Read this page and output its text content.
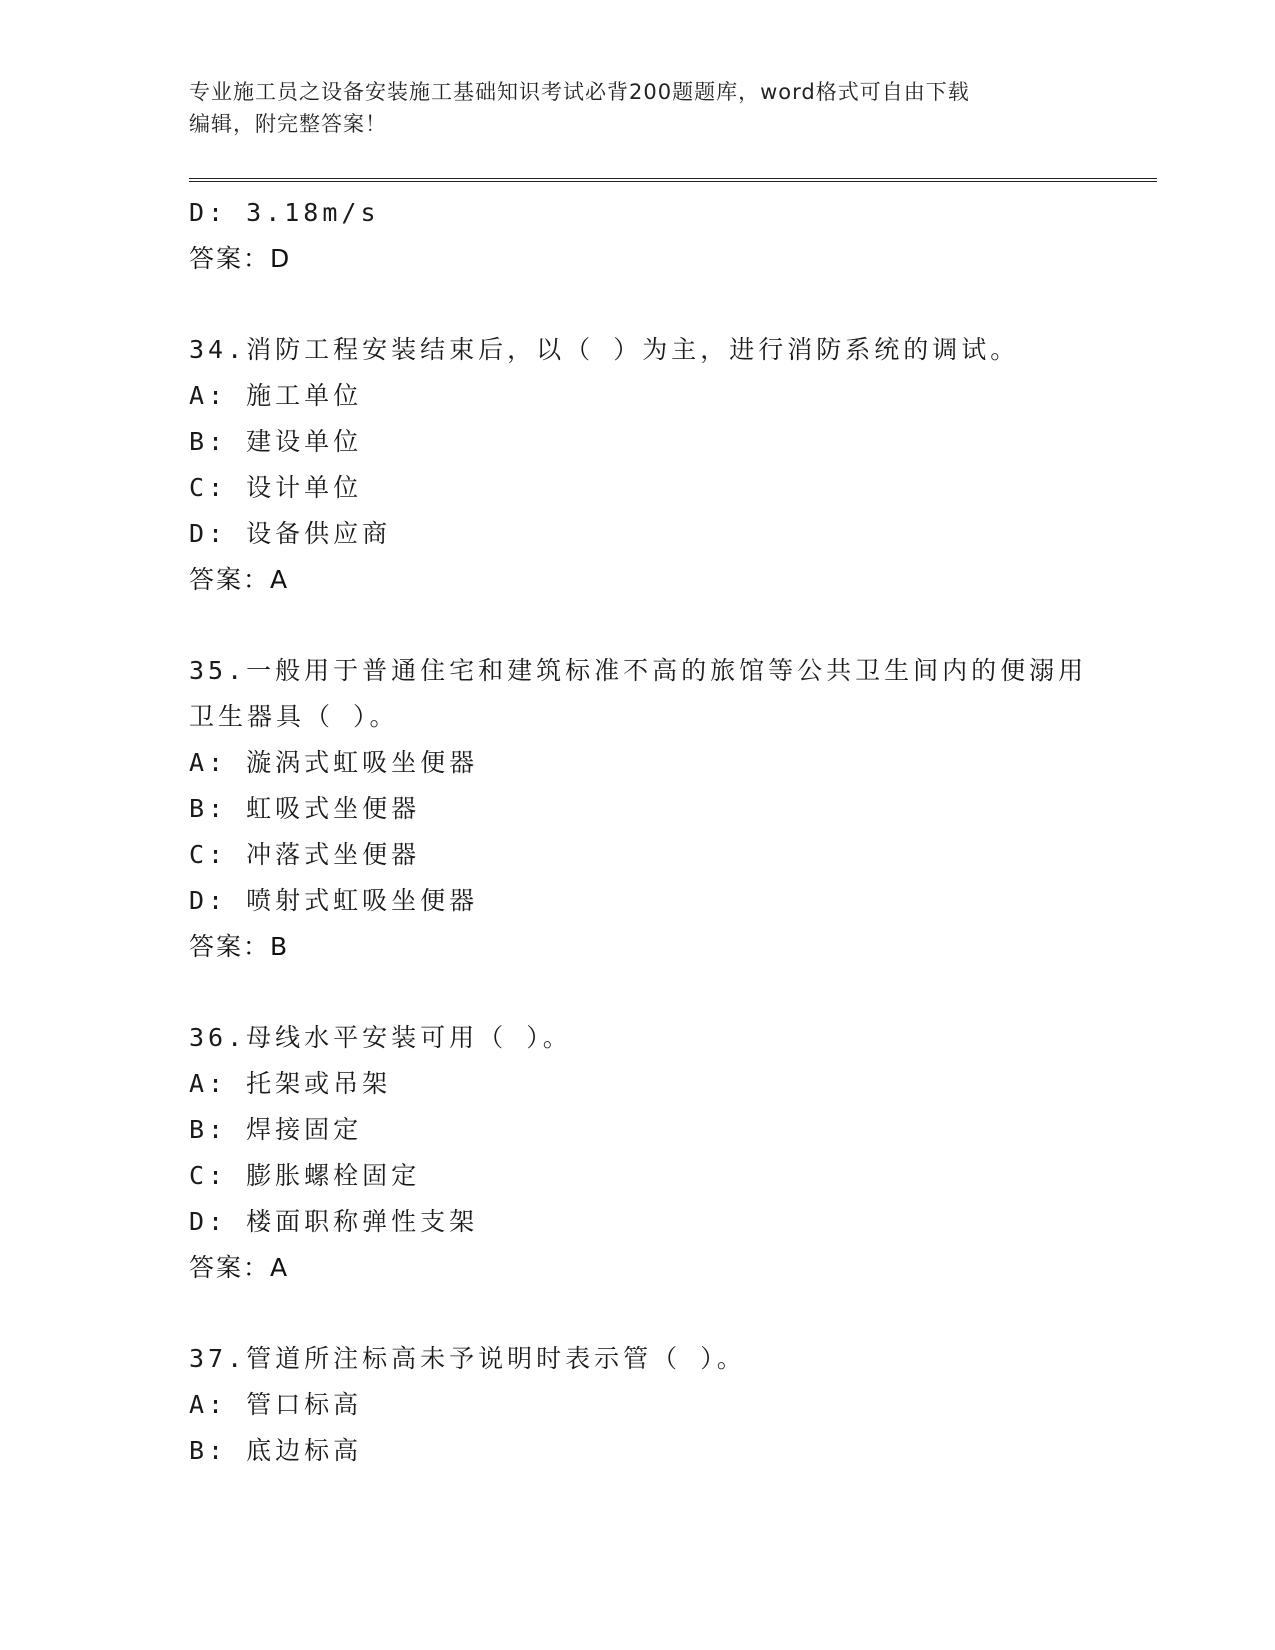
专业施工员之设备安装施工基础知识考试必背200题题库，word格式可自由下载
编辑，附完整答案！
D: 3.18m/s
答案：D
34.消防工程安装结束后，以（ ）为主，进行消防系统的调试。
A: 施工单位
B: 建设单位
C: 设计单位
D: 设备供应商
答案：A
35.一般用于普通住宅和建筑标准不高的旅馆等公共卫生间内的便溺用
卫生器具（ ）。
A: 漩涡式虹吸坐便器
B: 虹吸式坐便器
C: 冲落式坐便器
D: 喷射式虹吸坐便器
答案：B
36.母线水平安装可用（ ）。
A: 托架或吊架
B: 焊接固定
C: 膨胀螺栓固定
D: 楼面职称弹性支架
答案：A
37.管道所注标高未予说明时表示管（ ）。
A: 管口标高
B: 底边标高
